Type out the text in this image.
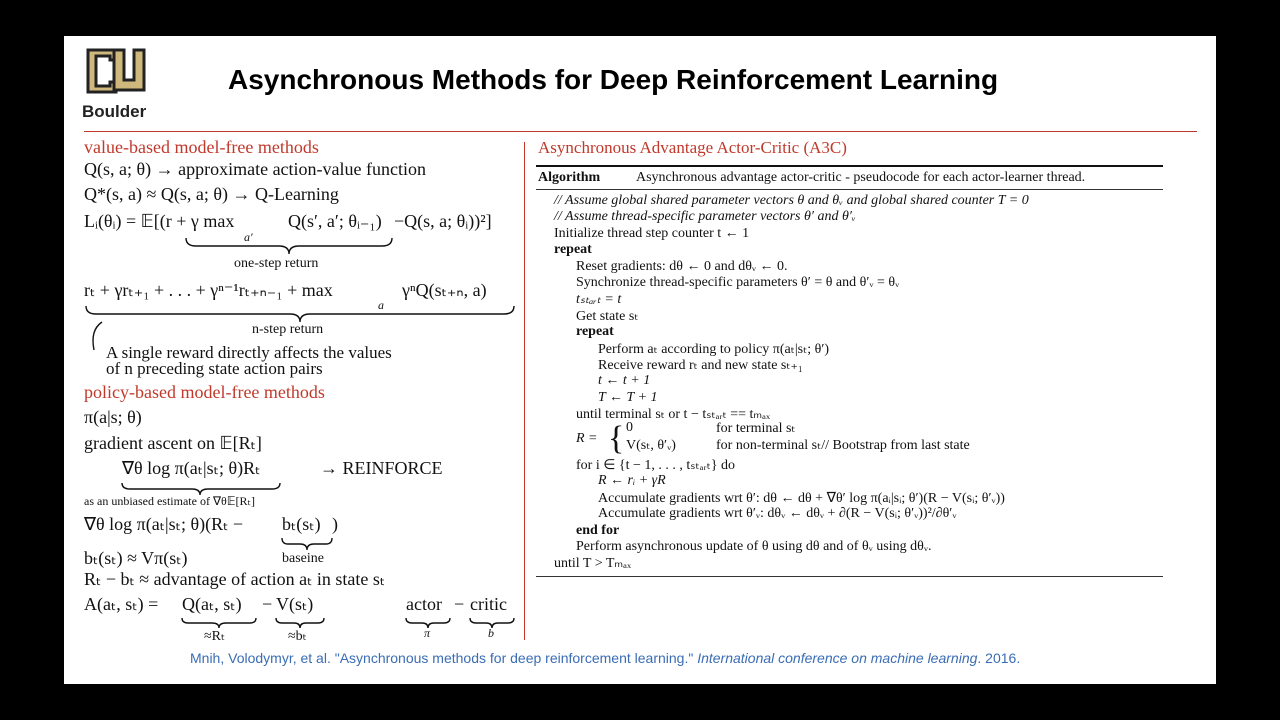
Boulder
Asynchronous Methods for Deep Reinforcement Learning
value-based model-free methods
Q(s, a; θ) → approximate action-value function
Q*(s, a) ≈ Q(s, a; θ) → Q-Learning
Lᵢ(θᵢ) = 𝔼[(r + γ max
a′
Q(s′, a′; θᵢ₋₁) −Q(s, a; θᵢ))²]
one-step return
rₜ + γrₜ₊₁ + . . . + γⁿ⁻¹rₜ₊ₙ₋₁ + max
a
γⁿQ(sₜ₊ₙ, a)
n-step return
A single reward directly affects the values
of n preceding state action pairs
policy-based model-free methods
π(a|s; θ)
gradient ascent on 𝔼[Rₜ]
∇θ log π(aₜ|sₜ; θ)Rₜ	→ REINFORCE
as an unbiased estimate of ∇θ𝔼[Rₜ]
∇θ log π(aₜ|sₜ; θ)(Rₜ − bₜ(sₜ) )
baseine
bₜ(sₜ) ≈ Vπ(sₜ)
Rₜ − bₜ ≈ advantage of action aₜ in state sₜ
A(aₜ, sₜ) = Q(aₜ, sₜ) − V(sₜ)
≈Rₜ	≈bₜ
actor − critic
π	b
Asynchronous Advantage Actor-Critic (A3C)
Algorithm	Asynchronous advantage actor-critic - pseudocode for each actor-learner thread.
// Assume global shared parameter vectors θ and θᵥ and global shared counter T = 0
// Assume thread-specific parameter vectors θ′ and θ′ᵥ
Initialize thread step counter t ← 1
repeat
Reset gradients: dθ ← 0 and dθᵥ ← 0.
Synchronize thread-specific parameters θ′ = θ and θ′ᵥ = θᵥ
tₛₜₐᵣₜ = t
Get state sₜ
repeat
Perform aₜ according to policy π(aₜ|sₜ; θ′)
Receive reward rₜ and new state sₜ₊₁
t ← t + 1
T ← T + 1
until terminal sₜ or t − tₛₜₐᵣₜ == tₘₐₓ
R =
for i ∈ {t − 1, . . . , tₛₜₐᵣₜ} do
R ← rᵢ + γR
Accumulate gradients wrt θ′: dθ ← dθ + ∇θ′ log π(aᵢ|sᵢ; θ′)(R − V(sᵢ; θ′ᵥ))
Accumulate gradients wrt θ′ᵥ: dθᵥ ← dθᵥ + ∂(R − V(sᵢ; θ′ᵥ))²/∂θ′ᵥ
end for
Perform asynchronous update of θ using dθ and of θᵥ using dθᵥ.
until T > Tₘₐₓ
{ 0	for terminal sₜ
V(sₜ, θ′ᵥ)	for non-terminal sₜ// Bootstrap from last state
Mnih, Volodymyr, et al. "Asynchronous methods for deep reinforcement learning." International conference on machine learning. 2016.
